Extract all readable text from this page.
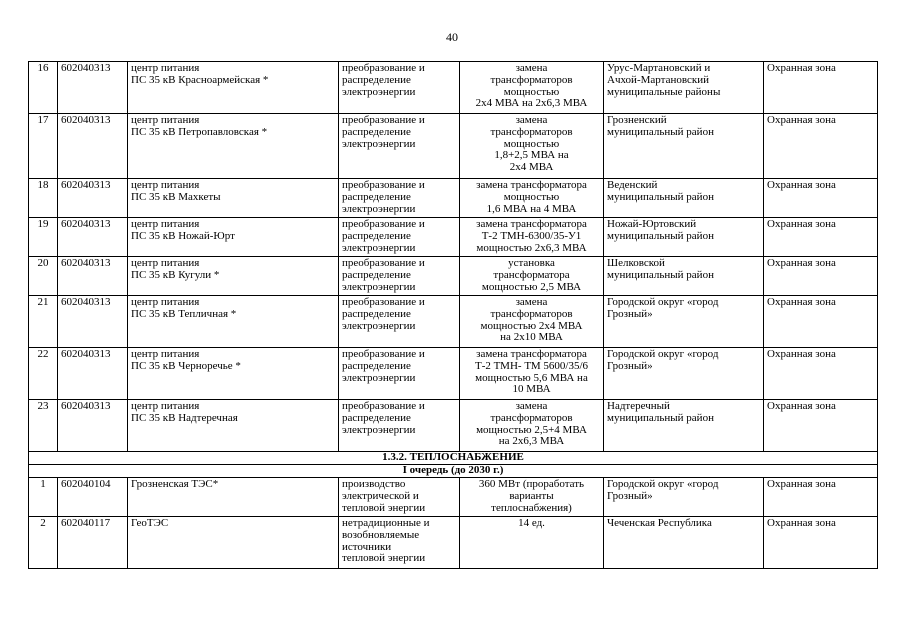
40
16	602040313	центр питания
ПС 35 кВ Красноармейская *	преобразование и
распределение
электроэнергии	замена
трансформаторов
мощностью
2х4 МВА на 2х6,3 МВА	Урус-Мартановский и
Ачхой-Мартановский
муниципальные районы	Охранная зона
17	602040313	центр питания
ПС 35 кВ Петропавловская *	преобразование и
распределение
электроэнергии	замена
трансформаторов
мощностью
1,8+2,5 МВА на
2х4 МВА	Грозненский
муниципальный район	Охранная зона
18	602040313	центр питания
ПС 35 кВ Махкеты	преобразование и
распределение
электроэнергии	замена трансформатора
мощностью
1,6 МВА на 4 МВА	Веденский
муниципальный район	Охранная зона
19	602040313	центр питания
ПС 35 кВ Ножай-Юрт	преобразование и
распределение
электроэнергии	замена трансформатора
Т-2 ТМН-6300/35-У1
мощностью 2х6,3 МВА	Ножай-Юртовский
муниципальный район	Охранная зона
20	602040313	центр питания
ПС 35 кВ Кугули *	преобразование и
распределение
электроэнергии	установка
трансформатора
мощностью 2,5 МВА	Шелковской
муниципальный район	Охранная зона
21	602040313	центр питания
ПС 35 кВ Тепличная *	преобразование и
распределение
электроэнергии	замена
трансформаторов
мощностью 2х4 МВА
на 2х10 МВА	Городской округ «город
Грозный»	Охранная зона
22	602040313	центр питания
ПС 35 кВ Черноречье *	преобразование и
распределение
электроэнергии	замена трансформатора
Т-2 ТМН- ТМ 5600/35/6
мощностью 5,6 МВА на
10 МВА	Городской округ «город
Грозный»	Охранная зона
23	602040313	центр питания
ПС 35 кВ Надтеречная	преобразование и
распределение
электроэнергии	замена
трансформаторов
мощностью 2,5+4 МВА
на 2х6,3 МВА	Надтеречный
муниципальный район	Охранная зона
1.3.2. ТЕПЛОСНАБЖЕНИЕ						
I очередь (до 2030 г.)						
1	602040104	Грозненская ТЭС*	производство
электрической и
тепловой энергии	360 МВт (проработать
варианты
теплоснабжения)	Городской округ «город
Грозный»	Охранная зона
2	602040117	ГеоТЭС	нетрадиционные и
возобновляемые
источники
тепловой энергии	14 ед.	Чеченская Республика	Охранная зона
